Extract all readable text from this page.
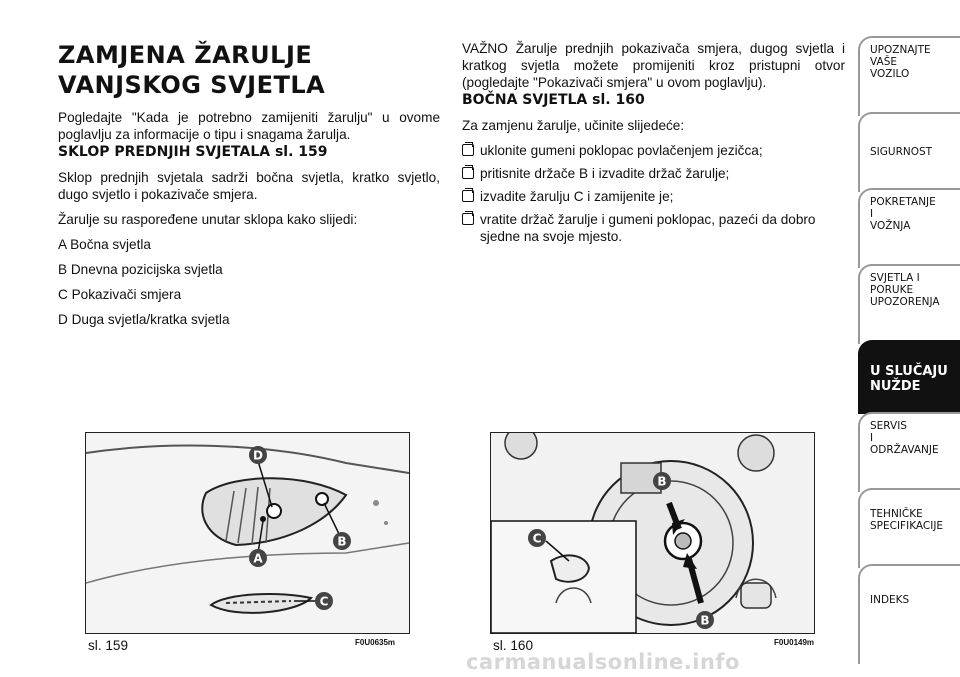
ZAMJENA ŽARULJE VANJSKOG SVJETLA

Pogledajte "Kada je potrebno zamijeniti žarulju" u ovome poglavlju za informacije o tipu i snagama žarulja.

SKLOP PREDNJIH SVJETALA sl. 159

Sklop prednjih svjetala sadrži bočna svjetla, kratko svjetlo, dugo svjetlo i pokazivače smjera.

Žarulje su raspoređene unutar sklopa kako slijedi:

A Bočna svjetla

B Dnevna pozicijska svjetla

C Pokazivači smjera

D Duga svjetla/kratka svjetla

VAŽNO Žarulje prednjih pokazivača smjera, dugog svjetla i kratkog svjetla možete promijeniti kroz pristupni otvor (pogledajte "Pokazivači smjera" u ovom poglavlju).

BOČNA SVJETLA sl. 160

Za zamjenu žarulje, učinite slijedeće:

uklonite gumeni poklopac povlačenjem jezičca;
pritisnite držače B i izvadite držač žarulje;
izvadite žarulju C i zamijenite je;
vratite držač žarulje i gumeni poklopac, pazeći da dobro sjedne na svoje mjesto.
D
A
B
C
sl. 159	F0U0635m
B
C
B
sl. 160	F0U0149m
carmanualsonline.info
UPOZNAJTE
VAŠE
VOZILO
SIGURNOST
POKRETANJE
I
VOŽNJA
SVJETLA I
PORUKE
UPOZORENJA
U SLUČAJU
NUŽDE
SERVIS
I
ODRŽAVANJE
TEHNIČKE
SPECIFIKACIJE
INDEKS
